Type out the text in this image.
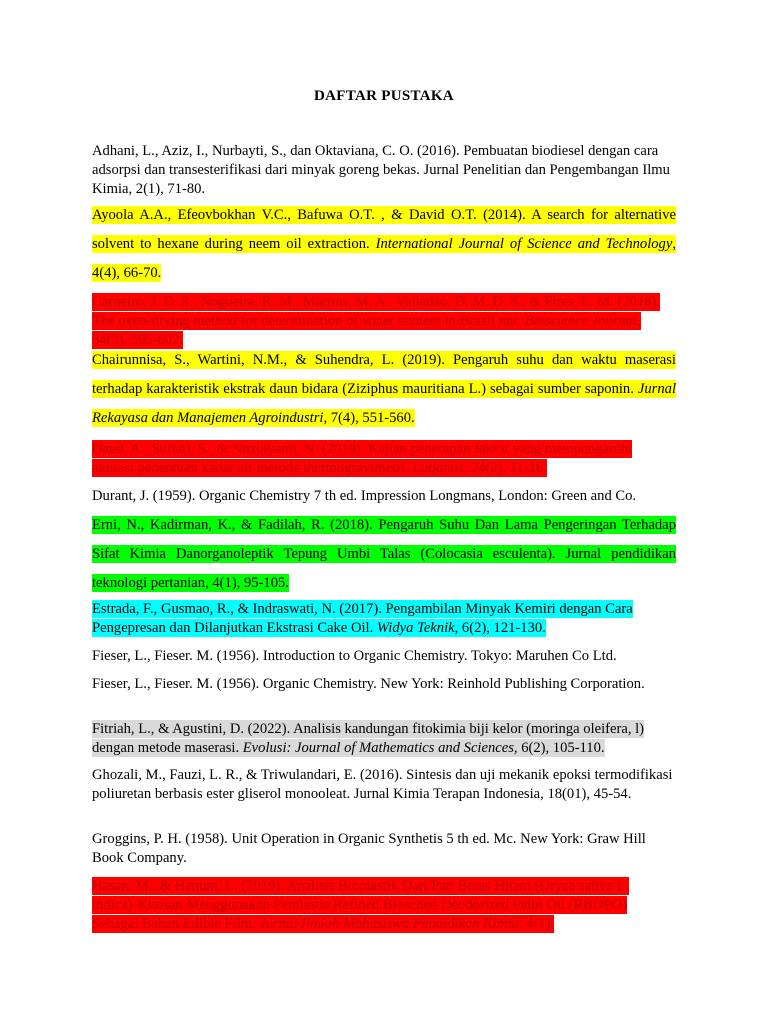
DAFTAR PUSTAKA

Adhani, L., Aziz, I., Nurbayti, S., dan Oktaviana, C. O. (2016). Pembuatan biodiesel dengan cara adsorpsi dan transesterifikasi dari minyak goreng bekas. Jurnal Penelitian dan Pengembangan Ilmu Kimia, 2(1), 71-80.

Ayoola A.A., Efeovbokhan V.C., Bafuwa O.T. , & David O.T. (2014). A search for alternative solvent to hexane during neem oil extraction. International Journal of Science and Technology, 4(4), 66-70.

Carneiro, J. D. S., Nogueira, R. M., Martins, M. A., Valladão, D. M. D. S., & Pires, E. M. (2018). The oven-drying method for determination of water content in Brazil nut. Bioscience Journal, 34(3), 595-602.

Chairunnisa, S., Wartini, N.M., & Suhendra, L. (2019). Pengaruh suhu dan waktu maserasi terhadap karakteristik ekstrak daun bidara (Ziziphus mauritiana L.) sebagai sumber saponin. Jurnal Rekayasa dan Manajemen Agroindustri, 7(4), 551-560.

Daud, A., Suriati, S., & Nuzulyanti, N. (2019). Kajian penerapan faktor yang mempengaruhi akurasi penentuan kadar air metode thermogravimetri. Lutjanus, 24(2), 11-16.

Durant, J. (1959). Organic Chemistry 7 th ed. Impression Longmans, London: Green and Co.

Erni, N., Kadirman, K., & Fadilah, R. (2018). Pengaruh Suhu Dan Lama Pengeringan Terhadap Sifat Kimia Danorganoleptik Tepung Umbi Talas (Colocasia esculenta). Jurnal pendidikan teknologi pertanian, 4(1), 95-105.

Estrada, F., Gusmao, R., & Indraswati, N. (2017). Pengambilan Minyak Kemiri dengan Cara Pengepresan dan Dilanjutkan Ekstrasi Cake Oil. Widya Teknik, 6(2), 121-130.

Fieser, L., Fieser. M. (1956). Introduction to Organic Chemistry. Tokyo: Maruhen Co Ltd.

Fieser, L., Fieser. M. (1956). Organic Chemistry. New York: Reinhold Publishing Corporation.

Fitriah, L., & Agustini, D. (2022). Analisis kandungan fitokimia biji kelor (moringa oleifera, l) dengan metode maserasi. Evolusi: Journal of Mathematics and Sciences, 6(2), 105-110.

Ghozali, M., Fauzi, L. R., & Triwulandari, E. (2016). Sintesis dan uji mekanik epoksi termodifikasi poliuretan berbasis ester gliserol monooleat. Jurnal Kimia Terapan Indonesia, 18(01), 45-54.

Groggins, P. H. (1958). Unit Operation in Organic Synthetis 5 th ed. Mc. New York: Graw Hill Book Company.

Hasan, M., & Hanum, L. (2019). Analisis Bioplastik Dari Pati Beras Hitam (Oryza sativa L. indica)-Kitosan Menggunakan Pemlastis Refined Bleached Deodorized Palm Oil (RBDPO) Sebagai Bahan Edible Film. Jurnal Ilmiah Mahasiswa Pendidikan Kimia, 4(1).
